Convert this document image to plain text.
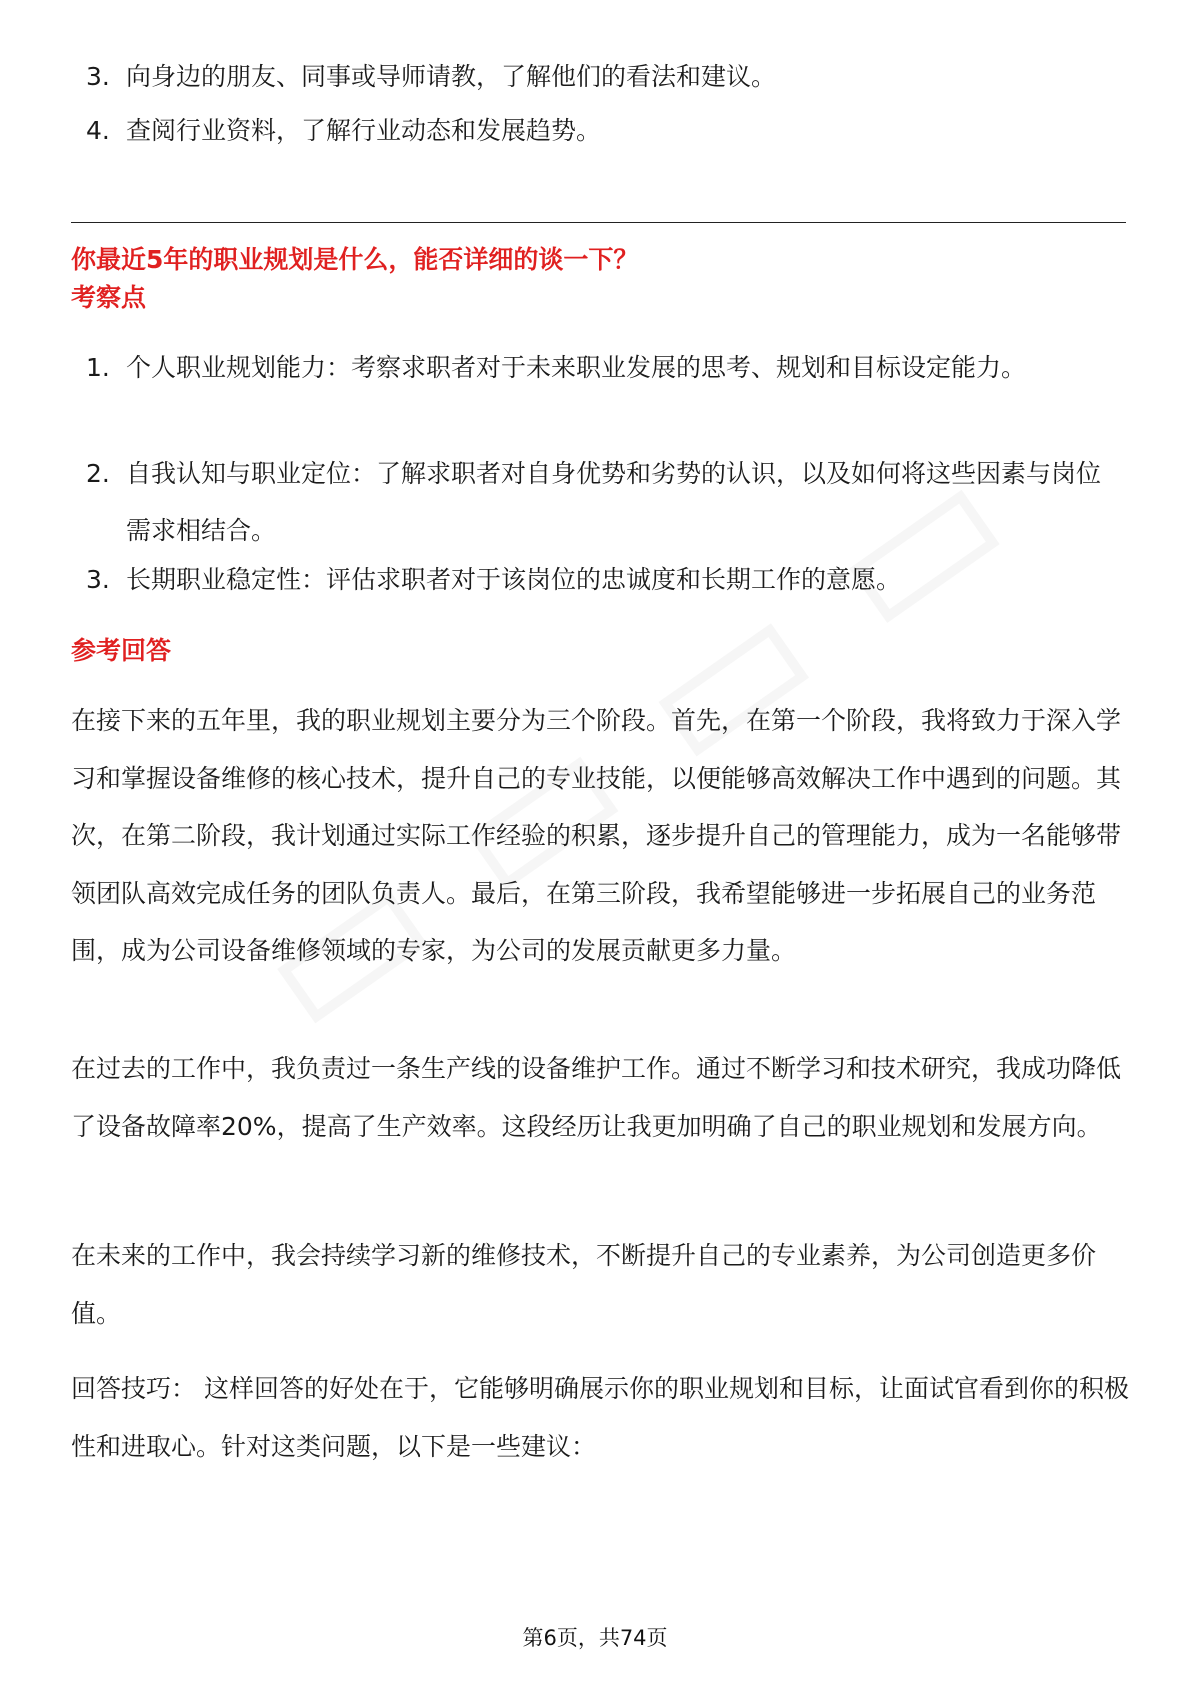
3. 向身边的朋友、同事或导师请教，了解他们的看法和建议。
4. 查阅行业资料，了解行业动态和发展趋势。
你最近5年的职业规划是什么，能否详细的谈一下？
考察点
1. 个人职业规划能力：考察求职者对于未来职业发展的思考、规划和目标设定能力。
2. 自我认知与职业定位：了解求职者对自身优势和劣势的认识，以及如何将这些因素与岗位需求相结合。
3. 长期职业稳定性：评估求职者对于该岗位的忠诚度和长期工作的意愿。
参考回答

在接下来的五年里，我的职业规划主要分为三个阶段。首先，在第一个阶段，我将致力于深入学习和掌握设备维修的核心技术，提升自己的专业技能，以便能够高效解决工作中遇到的问题。其次，在第二阶段，我计划通过实际工作经验的积累，逐步提升自己的管理能力，成为一名能够带领团队高效完成任务的团队负责人。最后，在第三阶段，我希望能够进一步拓展自己的业务范围，成为公司设备维修领域的专家，为公司的发展贡献更多力量。

在过去的工作中，我负责过一条生产线的设备维护工作。通过不断学习和技术研究，我成功降低了设备故障率20%，提高了生产效率。这段经历让我更加明确了自己的职业规划和发展方向。

在未来的工作中，我会持续学习新的维修技术，不断提升自己的专业素养，为公司创造更多价值。

回答技巧： 这样回答的好处在于，它能够明确展示你的职业规划和目标，让面试官看到你的积极性和进取心。针对这类问题，以下是一些建议：

第6页，共74页
